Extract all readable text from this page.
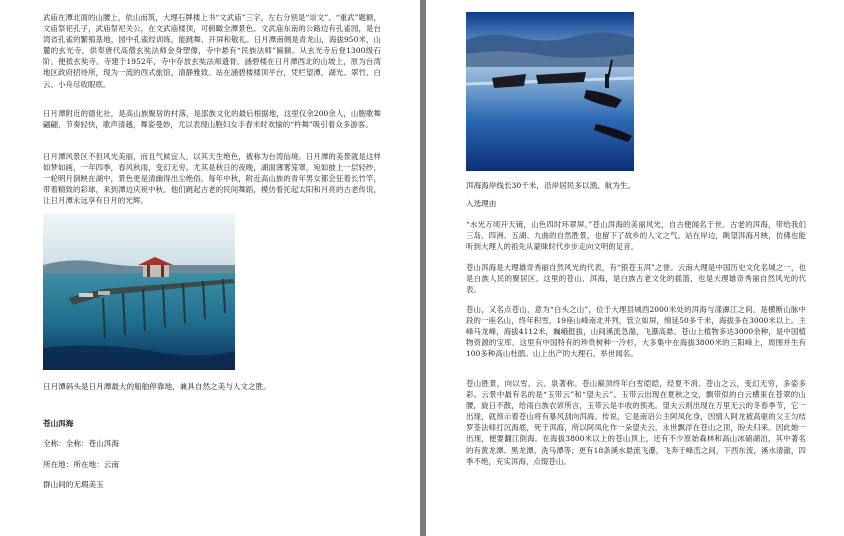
武庙在潭北面的山腰上，依山而筑，大理石牌楼上书“文武庙”三字，左右分别是“崇文”、“重武”题额，文庙祭祀孔子，武庙祭祀关公，在文武庙楼顶，可俯瞰全潭景色。文武庙东南的公路边有孔雀园，是台湾省孔雀的繁殖基地，园中孔雀经训练，能跳舞、开屏和敬礼。日月潭南侧是青龙山，海拔950米，山麓的玄光寺，供奉唐代高僧玄奘法师金身塑像，寺中悬有“民族法师”匾额。从玄光寺后登1300级石阶，便抵玄奘寺。寺建于1952年，寺中存放玄奘法师遗骨。涵碧楼在日月潭西北的山坡上，原为台湾地区政府招待所，现为一流的西式旅馆，清静雅致。站在涵碧楼楼顶平台，凭栏望潭，湖光、翠竹、白云、小舟尽收眼底。

日月潭附近的德化社，是高山族聚居的村落，是邵族文化的最后根据地，这里仅余200余人，山胞歌舞翩翩，节奏轻快，歌声清越，舞姿曼妙，尤以表现山胞妇女手舂米时欢愉的“杵舞”吸引着众多游客。

日月潭风景区不但风光美丽，而且气候宜人，以其天生绝色，被称为台湾仙境。日月潭的美景就是这样如梦如画，一年四季，春风秋雨，变幻无穷。尤其是秋日的夜晚，湖面薄雾笼罩，宛如披上一层轻纱，一轮明月倒映在湖中，景色更是清幽得出尘绝俗。每年中秋，附近高山族的青年男女都会狂着长竹竿，带着精致的彩球，来到潭边庆祝中秋。他们跳起古老的民间舞蹈，模仿着托起太阳和月亮的古老传说，让日月潭永远享有日月的光辉。

日月潭码头是日月潭最大的船舶停靠地，兼具自然之美与人文之胜。

苍山洱海

全称：全称：苍山洱海

所在地：所在地：云南

群山间的无瑕美玉

洱海海岸线长30千米，沿岸居民多以渔、航为生。

入选理由

“水光万顷开天镜，山色四时环翠屏。”苍山洱海的美丽风光，自古便闻名于世。古老的洱海，带给我们三岛、四洲、五湖、九曲的自然胜景，也留下了故乡的人文之气。站在岸边，眺望洱海月映，仿佛也能听到大理人的祖先从蒙昧时代步步走向文明的足音。

苍山洱海是大理雄奇秀丽自然风光的代表，有“银苍玉洱”之誉。云南大理是中国历史文化名城之一，也是白族人民的聚居区。这里的苍山、洱海，是白族古老文化的摇篮，也是大理雄奇秀丽自然风光的代表。

苍山，又名点苍山，意为“白头之山”，位于大理县城西2000米处的洱海与漾濞江之间，是横断山脉中段的一座名山，终年积雪，19座山峰南北并列，管立如屏，绵延50多千米，海拔多在3000米以上。主峰马龙峰，海拔4112米，巍峨挺拔，山间溪流急湍，飞瀑高悬。苍山上植物多达3000余种，是中国植物资源的宝库。这里有中国特有的珍贵树种一冷杉，大多集中在海拔3800米的三阳峰上，周围并生有100多种高山杜鹃。山上出产的大理石，举世闻名。

苍山胜景，向以雪、云、泉著称。苍山巅顶终年白雪皑皑，经夏不消。苍山之云，变幻无穷，多姿多彩。云景中最有名的是“玉带云”和“望夫云”。玉带云出现在夏秋之交，飘带似的白云横束在苍翠的山腰，旋日不散，给雨白族农谚所言，玉带云是丰收的预兆。望夫云则出现在万里无云的冬春季节，它一出现，就预示着苍山将有暴风刮向洱海。传说，它是南诏公主阿凤化身，因情人阿龙被高驱的父王匀结罗荃法师打沉海底，死于洱海，所以阿凤化作一朵望夫云，永世飘浮在苍山之顶，盼夫归来。因此她一出现，便要翻江倒海。在海拔3800米以上的苍山顶上，还有不少原始森林和高山冰碛湖泊，其中著名的有黄龙潭、黑龙潭、洗马潭等；更有18条溪水悬流飞瀑，飞奔于峰峦之间，下西东流，溪水清澈，四季不绝，充实洱海，点缀苍山。
